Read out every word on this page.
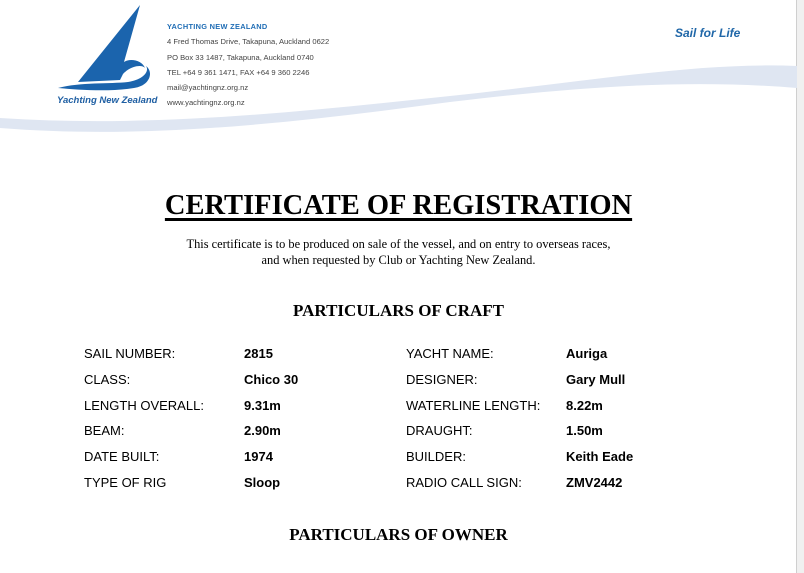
Yachting New Zealand
YACHTING NEW ZEALAND
4 Fred Thomas Drive, Takapuna, Auckland 0622
PO Box 33 1487, Takapuna, Auckland 0740
TEL +64 9 361 1471, FAX +64 9 360 2246
mail@yachtingnz.org.nz
www.yachtingnz.org.nz
Sail for Life
CERTIFICATE OF REGISTRATION
This certificate is to be produced on sale of the vessel, and on entry to overseas races,
and when requested by Club or Yachting New Zealand.
PARTICULARS OF CRAFT
SAIL NUMBER:	2815	YACHT NAME:	Auriga
CLASS:	Chico 30	DESIGNER:	Gary Mull
LENGTH OVERALL:	9.31m	WATERLINE LENGTH: 8.22m
BEAM:	2.90m	DRAUGHT:	1.50m
DATE BUILT:	1974	BUILDER:	Keith Eade
TYPE OF RIG	Sloop	RADIO CALL SIGN:	ZMV2442
PARTICULARS OF OWNER
